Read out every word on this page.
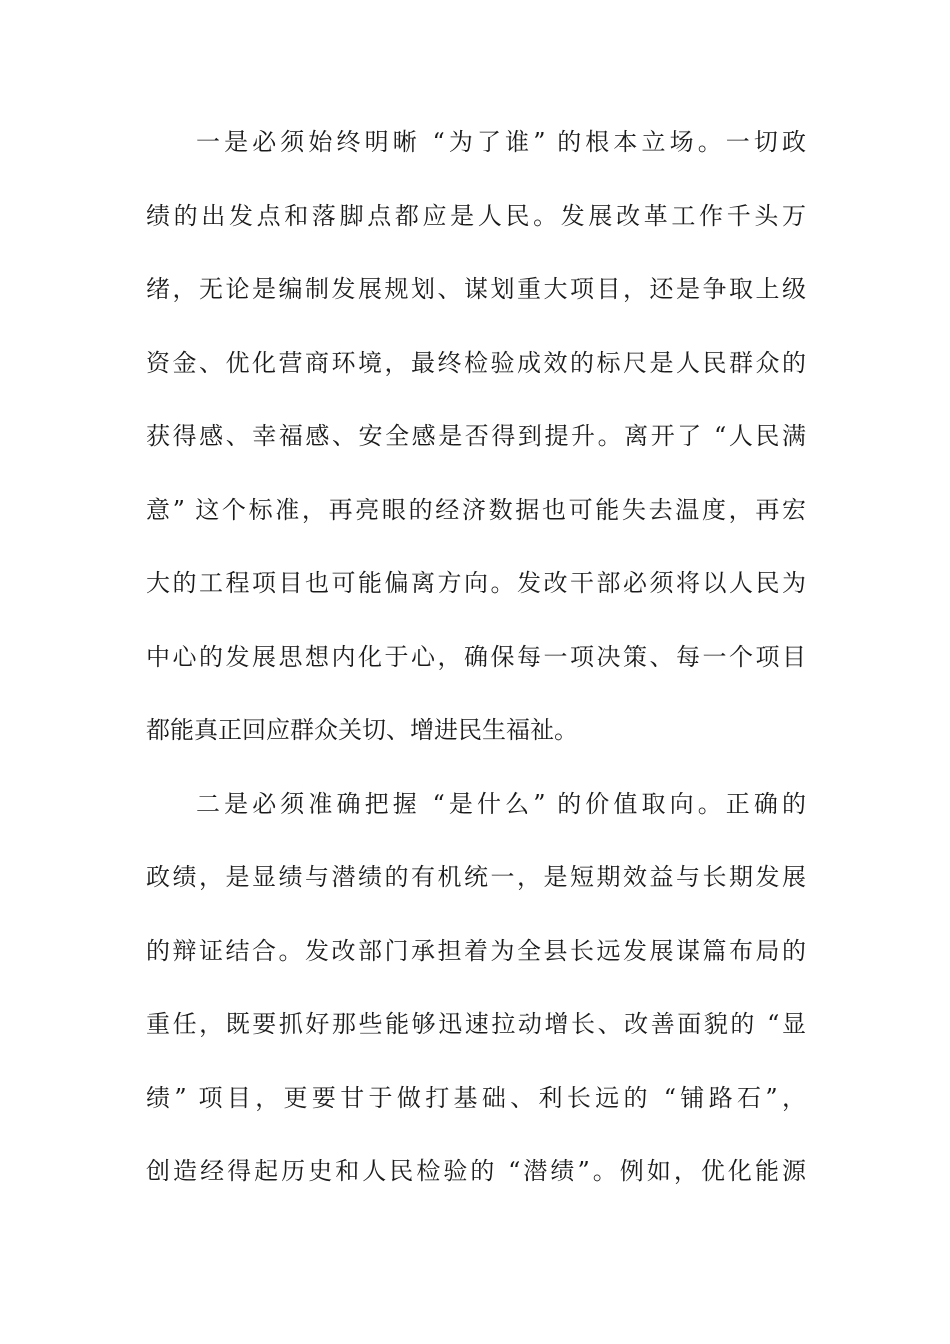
一是必须始终明晰 “为了谁” 的根本立场。一切政
绩的出发点和落脚点都应是人民。发展改革工作千头万
绪，无论是编制发展规划、谋划重大项目，还是争取上级
资金、优化营商环境，最终检验成效的标尺是人民群众的
获得感、幸福感、安全感是否得到提升。离开了 “人民满
意” 这个标准，再亮眼的经济数据也可能失去温度，再宏
大的工程项目也可能偏离方向。发改干部必须将以人民为
中心的发展思想内化于心，确保每一项决策、每一个项目
都能真正回应群众关切、增进民生福祉。
二是必须准确把握 “是什么” 的价值取向。正确的
政绩，是显绩与潜绩的有机统一，是短期效益与长期发展
的辩证结合。发改部门承担着为全县长远发展谋篇布局的
重任，既要抓好那些能够迅速拉动增长、改善面貌的 “显
绩” 项目，更要甘于做打基础、利长远的 “铺路石”，
创造经得起历史和人民检验的 “潜绩”。例如，优化能源
